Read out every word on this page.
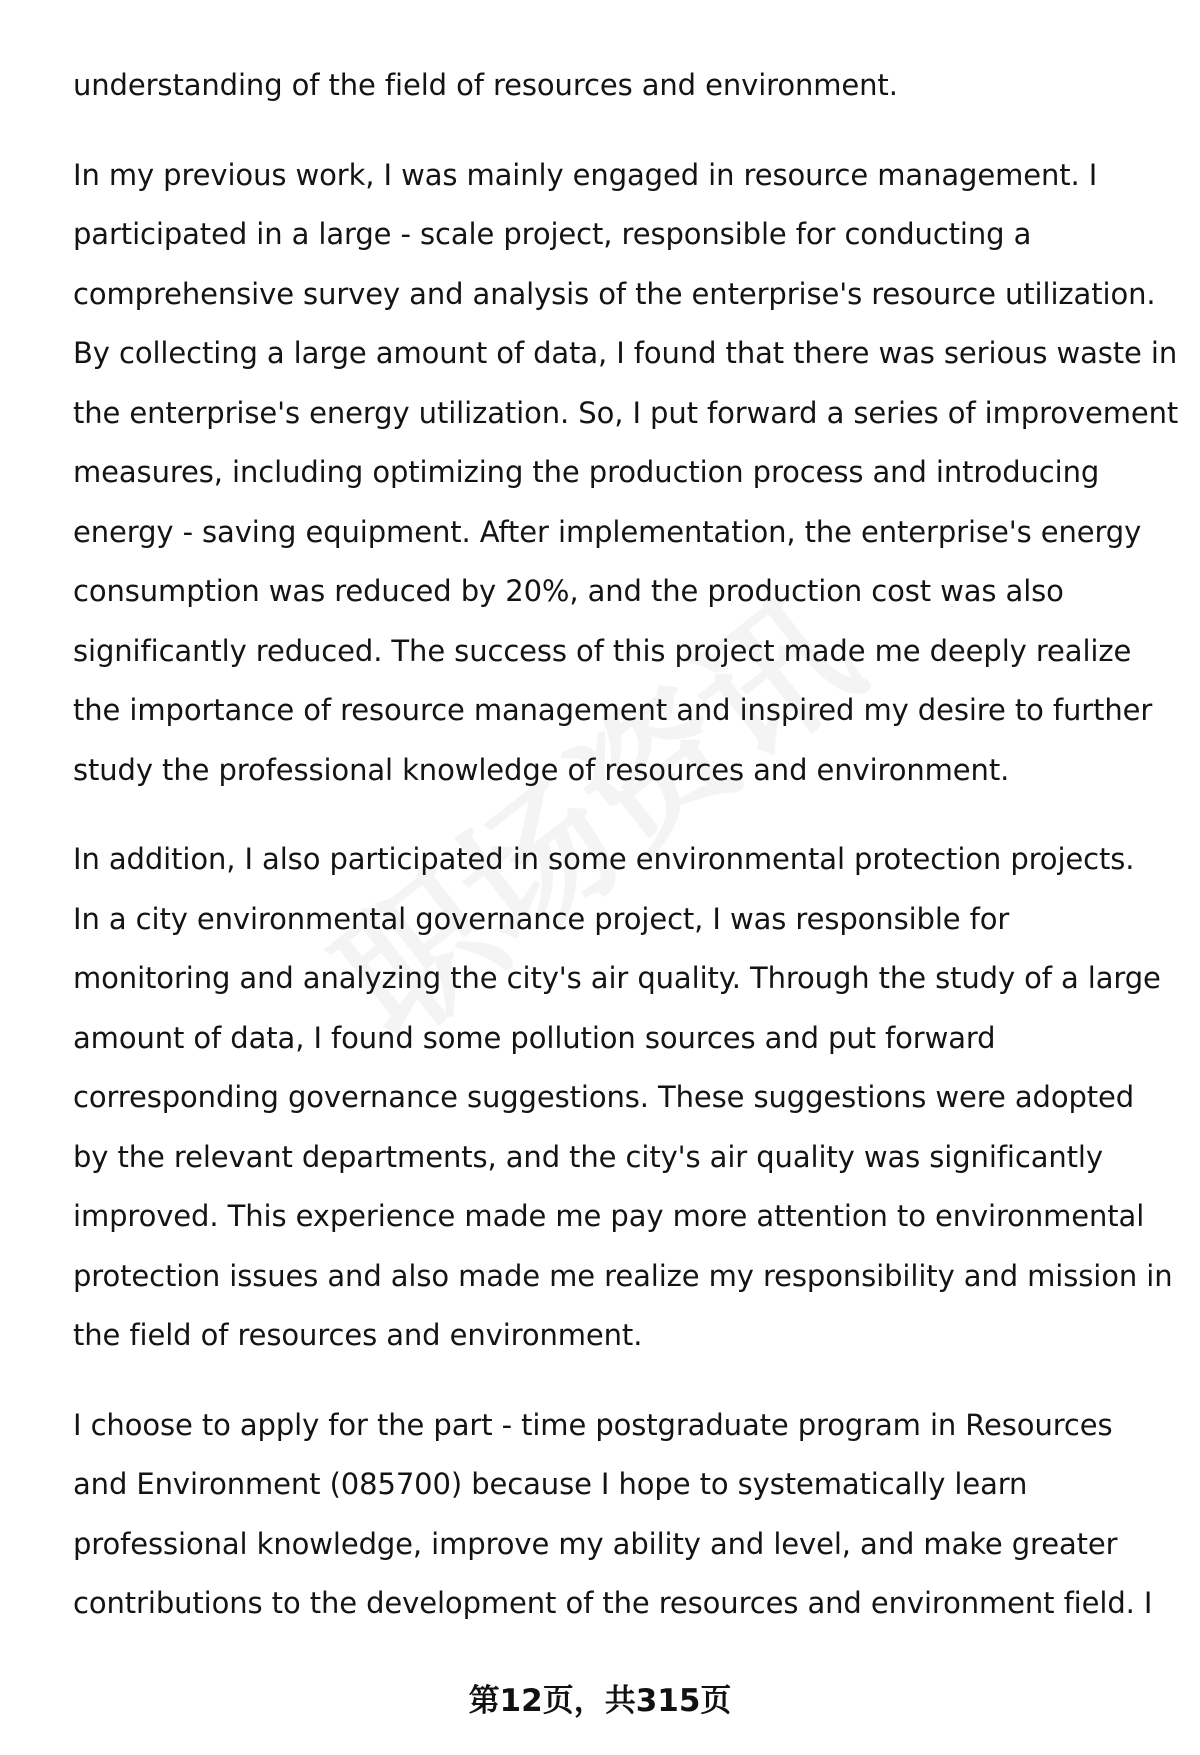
understanding of the field of resources and environment.

In my previous work, I was mainly engaged in resource management. I
participated in a large - scale project, responsible for conducting a
comprehensive survey and analysis of the enterprise's resource utilization.
By collecting a large amount of data, I found that there was serious waste in
the enterprise's energy utilization. So, I put forward a series of improvement
measures, including optimizing the production process and introducing
energy - saving equipment. After implementation, the enterprise's energy
consumption was reduced by 20%, and the production cost was also
significantly reduced. The success of this project made me deeply realize
the importance of resource management and inspired my desire to further
study the professional knowledge of resources and environment.

In addition, I also participated in some environmental protection projects.
In a city environmental governance project, I was responsible for
monitoring and analyzing the city's air quality. Through the study of a large
amount of data, I found some pollution sources and put forward
corresponding governance suggestions. These suggestions were adopted
by the relevant departments, and the city's air quality was significantly
improved. This experience made me pay more attention to environmental
protection issues and also made me realize my responsibility and mission in
the field of resources and environment.

I choose to apply for the part - time postgraduate program in Resources
and Environment (085700) because I hope to systematically learn
professional knowledge, improve my ability and level, and make greater
contributions to the development of the resources and environment field. I

第12页，共315页
